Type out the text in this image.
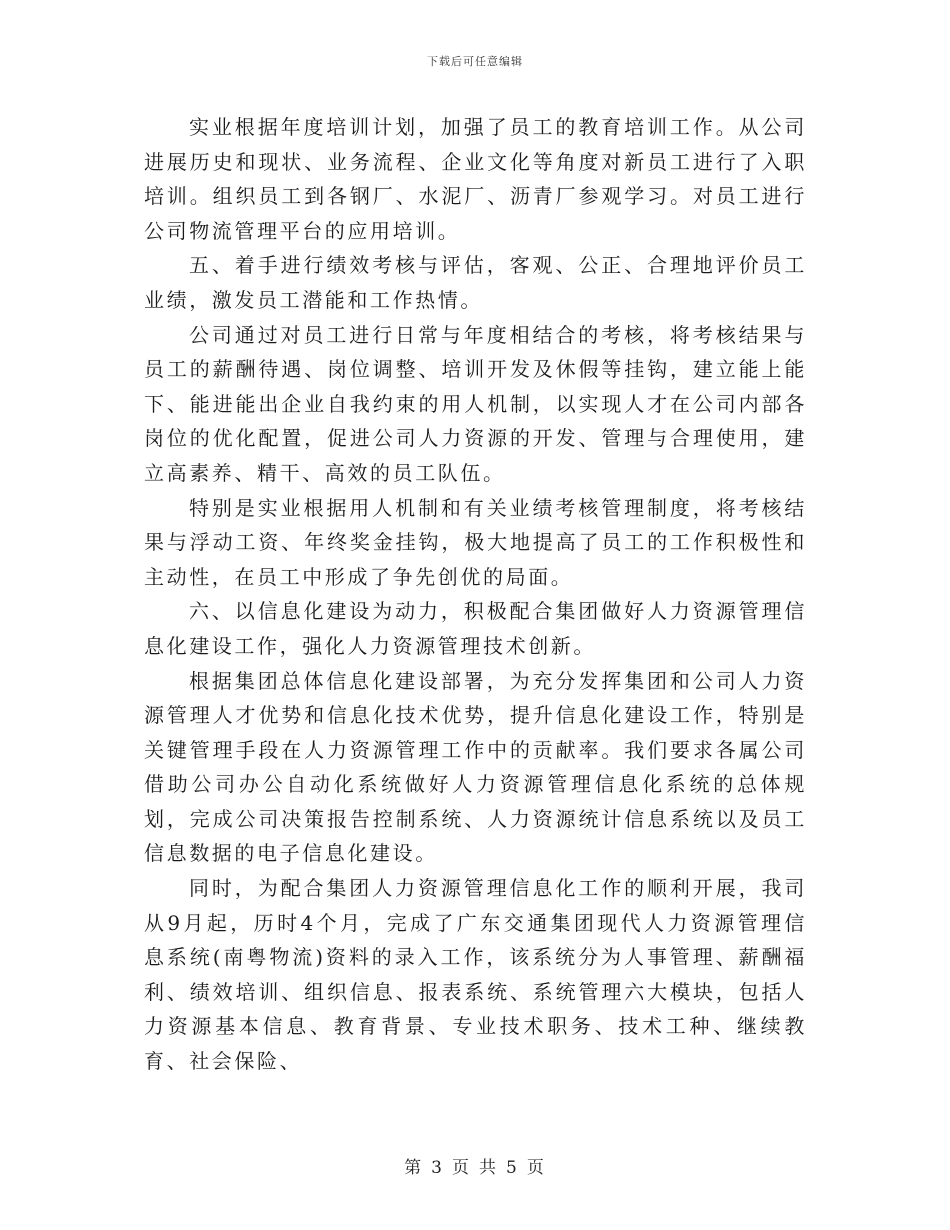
下载后可任意编辑

实业根据年度培训计划，加强了员工的教育培训工作。从公司进展历史和现状、业务流程、企业文化等角度对新员工进行了入职培训。组织员工到各钢厂、水泥厂、沥青厂参观学习。对员工进行公司物流管理平台的应用培训。

五、着手进行绩效考核与评估，客观、公正、合理地评价员工业绩，激发员工潜能和工作热情。

公司通过对员工进行日常与年度相结合的考核，将考核结果与员工的薪酬待遇、岗位调整、培训开发及休假等挂钩，建立能上能下、能进能出企业自我约束的用人机制，以实现人才在公司内部各岗位的优化配置，促进公司人力资源的开发、管理与合理使用，建立高素养、精干、高效的员工队伍。

特别是实业根据用人机制和有关业绩考核管理制度，将考核结果与浮动工资、年终奖金挂钩，极大地提高了员工的工作积极性和主动性，在员工中形成了争先创优的局面。

六、以信息化建设为动力，积极配合集团做好人力资源管理信息化建设工作，强化人力资源管理技术创新。

根据集团总体信息化建设部署，为充分发挥集团和公司人力资源管理人才优势和信息化技术优势，提升信息化建设工作，特别是关键管理手段在人力资源管理工作中的贡献率。我们要求各属公司借助公司办公自动化系统做好人力资源管理信息化系统的总体规划，完成公司决策报告控制系统、人力资源统计信息系统以及员工信息数据的电子信息化建设。

同时，为配合集团人力资源管理信息化工作的顺利开展，我司从9月起，历时4个月，完成了广东交通集团现代人力资源管理信息系统(南粤物流)资料的录入工作，该系统分为人事管理、薪酬福利、绩效培训、组织信息、报表系统、系统管理六大模块，包括人力资源基本信息、教育背景、专业技术职务、技术工种、继续教育、社会保险、

第 3 页 共 5 页
